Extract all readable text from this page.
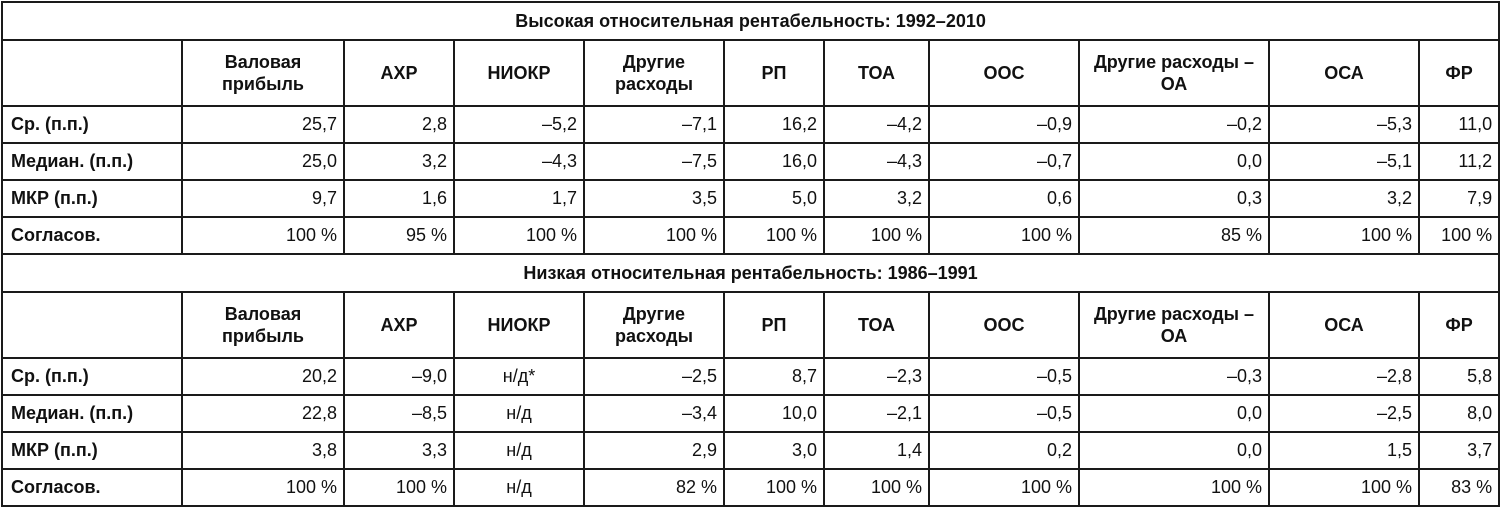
Высокая относительная рентабельность: 1992–2010										
	Валовая прибыль	АХР	НИОКР	Другие расходы	РП	ТОА	ООС	Другие расходы – ОА	ОСА	ФР
Ср. (п.п.)	25,7	2,8	–5,2	–7,1	16,2	–4,2	–0,9	–0,2	–5,3	11,0
Медиан. (п.п.)	25,0	3,2	–4,3	–7,5	16,0	–4,3	–0,7	0,0	–5,1	11,2
МКР (п.п.)	9,7	1,6	1,7	3,5	5,0	3,2	0,6	0,3	3,2	7,9
Согласов.	100 %	95 %	100 %	100 %	100 %	100 %	100 %	85 %	100 %	100 %
Низкая относительная рентабельность: 1986–1991										
	Валовая прибыль	АХР	НИОКР	Другие расходы	РП	ТОА	ООС	Другие расходы – ОА	ОСА	ФР
Ср. (п.п.)	20,2	–9,0	н/д*	–2,5	8,7	–2,3	–0,5	–0,3	–2,8	5,8
Медиан. (п.п.)	22,8	–8,5	н/д	–3,4	10,0	–2,1	–0,5	0,0	–2,5	8,0
МКР (п.п.)	3,8	3,3	н/д	2,9	3,0	1,4	0,2	0,0	1,5	3,7
Согласов.	100 %	100 %	н/д	82 %	100 %	100 %	100 %	100 %	100 %	83 %
